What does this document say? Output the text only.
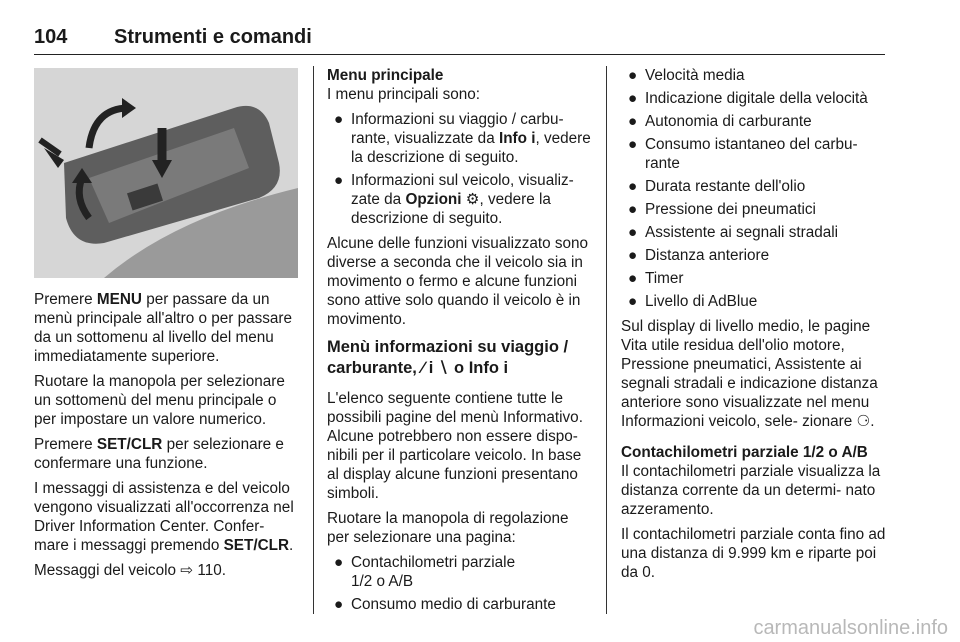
104 Strumenti e comandi

Premere MENU per passare da un menù principale all'altro o per passare da un sottomenu al livello del menu immediatamente superiore.

Ruotare la manopola per selezionare un sottomenù del menu principale o per impostare un valore numerico.

Premere SET/CLR per selezionare e confermare una funzione.

I messaggi di assistenza e del veicolo vengono visualizzati all'occorrenza nel Driver Information Center. Confer- mare i messaggi premendo SET/CLR.

Messaggi del veicolo ⇨ 110.

Menu principale

I menu principali sono:

● Informazioni su viaggio / carbu- rante, visualizzate da Info i, vedere la descrizione di seguito.
● Informazioni sul veicolo, visualiz- zate da Opzioni ⚙, vedere la descrizione di seguito.

Alcune delle funzioni visualizzato sono diverse a seconda che il veicolo sia in movimento o fermo e alcune funzioni sono attive solo quando il veicolo è in movimento.

Menù informazioni su viaggio / carburante, ∕ i ∖ o Info i

L'elenco seguente contiene tutte le possibili pagine del menù Informativo. Alcune potrebbero non essere dispo- nibili per il particolare veicolo. In base al display alcune funzioni presentano simboli.

Ruotare la manopola di regolazione per selezionare una pagina:

● Contachilometri parziale
1/2 o A/B
● Consumo medio di carburante
● Velocità media
● Indicazione digitale della velocità
● Autonomia di carburante
● Consumo istantaneo del carbu- rante
● Durata restante dell'olio
● Pressione dei pneumatici
● Assistente ai segnali stradali
● Distanza anteriore
● Timer
● Livello di AdBlue

Sul display di livello medio, le pagine Vita utile residua dell'olio motore, Pressione pneumatici, Assistente ai segnali stradali e indicazione distanza anteriore sono visualizzate nel menu Informazioni veicolo, sele- zionare ⚆.

Contachilometri parziale 1/2 o A/B

Il contachilometri parziale visualizza la distanza corrente da un determi- nato azzeramento.

Il contachilometri parziale conta fino ad una distanza di 9.999 km e riparte poi da 0.

carmanualsonline.info
